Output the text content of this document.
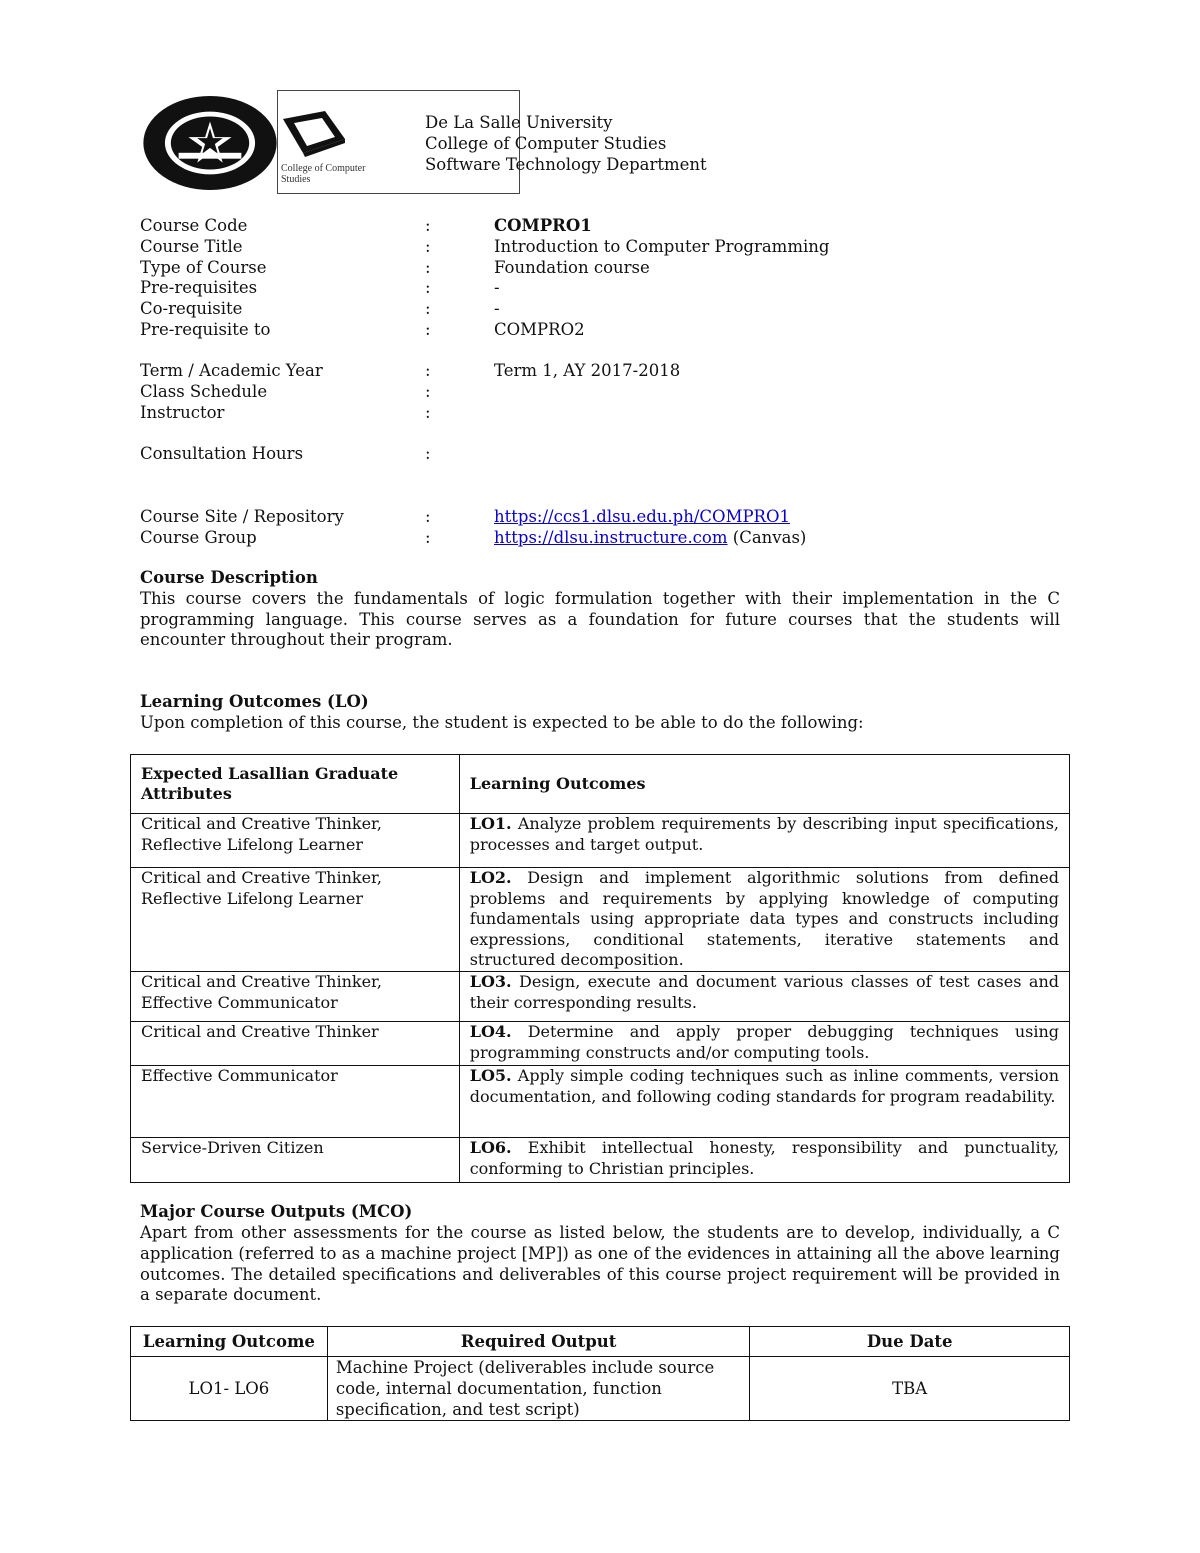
College of Computer Studies
De La Salle University
College of Computer Studies
Software Technology Department
Course Code	:	COMPRO1
Course Title	:	Introduction to Computer Programming
Type of Course	:	Foundation course
Pre-requisites	:	-
Co-requisite	:	-
Pre-requisite to	:	COMPRO2
Term / Academic Year	:	Term 1, AY 2017-2018
Class Schedule	:
Instructor	:
Consultation Hours	:
Course Site / Repository	:	https://ccs1.dlsu.edu.ph/COMPRO1
Course Group	:	https://dlsu.instructure.com (Canvas)
Course Description
This course covers the fundamentals of logic formulation together with their implementation in the C programming language. This course serves as a foundation for future courses that the students will encounter throughout their program.
Learning Outcomes (LO)
Upon completion of this course, the student is expected to be able to do the following:
Expected Lasallian Graduate Attributes	Learning Outcomes
Critical and Creative Thinker, Reflective Lifelong Learner	LO1. Analyze problem requirements by describing input specifications, processes and target output.
Critical and Creative Thinker, Reflective Lifelong Learner	LO2. Design and implement algorithmic solutions from defined problems and requirements by applying knowledge of computing fundamentals using appropriate data types and constructs including expressions, conditional statements, iterative statements and structured decomposition.
Critical and Creative Thinker, Effective Communicator	LO3. Design, execute and document various classes of test cases and their corresponding results.
Critical and Creative Thinker	LO4. Determine and apply proper debugging techniques using programming constructs and/or computing tools.
Effective Communicator	LO5. Apply simple coding techniques such as inline comments, version documentation, and following coding standards for program readability.
Service-Driven Citizen	LO6. Exhibit intellectual honesty, responsibility and punctuality, conforming to Christian principles.
Major Course Outputs (MCO)
Apart from other assessments for the course as listed below, the students are to develop, individually, a C application (referred to as a machine project [MP]) as one of the evidences in attaining all the above learning outcomes. The detailed specifications and deliverables of this course project requirement will be provided in a separate document.
Learning Outcome	Required Output	Due Date
LO1- LO6	Machine Project (deliverables include source code, internal documentation, function specification, and test script)	TBA
